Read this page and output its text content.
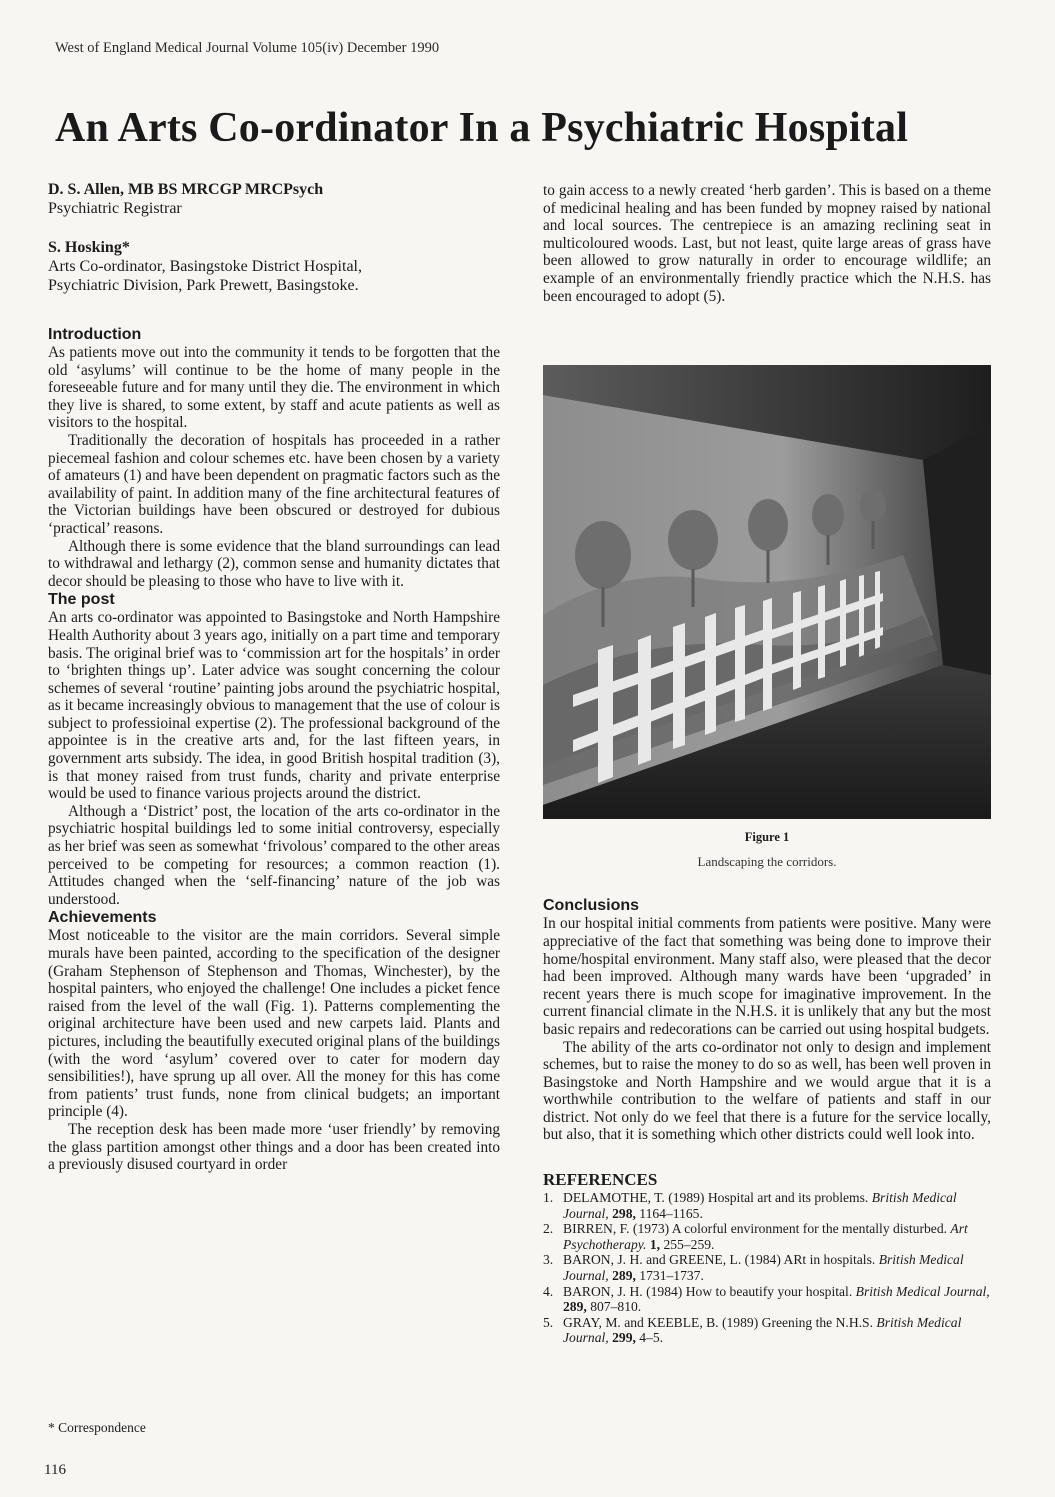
West of England Medical Journal Volume 105(iv) December 1990
An Arts Co-ordinator In a Psychiatric Hospital

D. S. Allen, MB BS MRCGP MRCPsych

Psychiatric Registrar

S. Hosking*

Arts Co-ordinator, Basingstoke District Hospital,

Psychiatric Division, Park Prewett, Basingstoke.

Introduction

As patients move out into the community it tends to be forgotten that the old ‘asylums’ will continue to be the home of many people in the foreseeable future and for many until they die. The environment in which they live is shared, to some extent, by staff and acute patients as well as visitors to the hospital.

Traditionally the decoration of hospitals has proceeded in a rather piecemeal fashion and colour schemes etc. have been chosen by a variety of amateurs (1) and have been dependent on pragmatic factors such as the availability of paint. In addition many of the fine architectural features of the Victorian buildings have been obscured or destroyed for dubious ‘practical’ reasons.

Although there is some evidence that the bland surroundings can lead to withdrawal and lethargy (2), common sense and humanity dictates that decor should be pleasing to those who have to live with it.

The post

An arts co-ordinator was appointed to Basingstoke and North Hampshire Health Authority about 3 years ago, initially on a part time and temporary basis. The original brief was to ‘commission art for the hospitals’ in order to ‘brighten things up’. Later advice was sought concerning the colour schemes of several ‘routine’ painting jobs around the psychiatric hospital, as it became increasingly obvious to management that the use of colour is subject to professioinal expertise (2). The professional background of the appointee is in the creative arts and, for the last fifteen years, in government arts subsidy. The idea, in good British hospital tradition (3), is that money raised from trust funds, charity and private enterprise would be used to finance various projects around the district.

Although a ‘District’ post, the location of the arts co-ordinator in the psychiatric hospital buildings led to some initial controversy, especially as her brief was seen as somewhat ‘frivolous’ compared to the other areas perceived to be competing for resources; a common reaction (1). Attitudes changed when the ‘self-financing’ nature of the job was understood.

Achievements

Most noticeable to the visitor are the main corridors. Several simple murals have been painted, according to the specification of the designer (Graham Stephenson of Stephenson and Thomas, Winchester), by the hospital painters, who enjoyed the challenge! One includes a picket fence raised from the level of the wall (Fig. 1). Patterns complementing the original architecture have been used and new carpets laid. Plants and pictures, including the beautifully executed original plans of the buildings (with the word ‘asylum’ covered over to cater for modern day sensibilities!), have sprung up all over. All the money for this has come from patients’ trust funds, none from clinical budgets; an important principle (4).

The reception desk has been made more ‘user friendly’ by removing the glass partition amongst other things and a door has been created into a previously disused courtyard in order

to gain access to a newly created ‘herb garden’. This is based on a theme of medicinal healing and has been funded by mopney raised by national and local sources. The centrepiece is an amazing reclining seat in multicoloured woods. Last, but not least, quite large areas of grass have been allowed to grow naturally in order to encourage wildlife; an example of an environmentally friendly practice which the N.H.S. has been encouraged to adopt (5).

Figure 1
Landscaping the corridors.
Conclusions

In our hospital initial comments from patients were positive. Many were appreciative of the fact that something was being done to improve their home/hospital environment. Many staff also, were pleased that the decor had been improved. Although many wards have been ‘upgraded’ in recent years there is much scope for imaginative improvement. In the current financial climate in the N.H.S. it is unlikely that any but the most basic repairs and redecorations can be carried out using hospital budgets.

The ability of the arts co-ordinator not only to design and implement schemes, but to raise the money to do so as well, has been well proven in Basingstoke and North Hampshire and we would argue that it is a worthwhile contribution to the welfare of patients and staff in our district. Not only do we feel that there is a future for the service locally, but also, that it is something which other districts could well look into.

REFERENCES
1. DELAMOTHE, T. (1989) Hospital art and its problems. British Medical Journal, 298, 1164–1165.
2. BIRREN, F. (1973) A colorful environment for the mentally disturbed. Art Psychotherapy. 1, 255–259.
3. BARON, J. H. and GREENE, L. (1984) ARt in hospitals. British Medical Journal, 289, 1731–1737.
4. BARON, J. H. (1984) How to beautify your hospital. British Medical Journal, 289, 807–810.
5. GRAY, M. and KEEBLE, B. (1989) Greening the N.H.S. British Medical Journal, 299, 4–5.
* Correspondence
116
